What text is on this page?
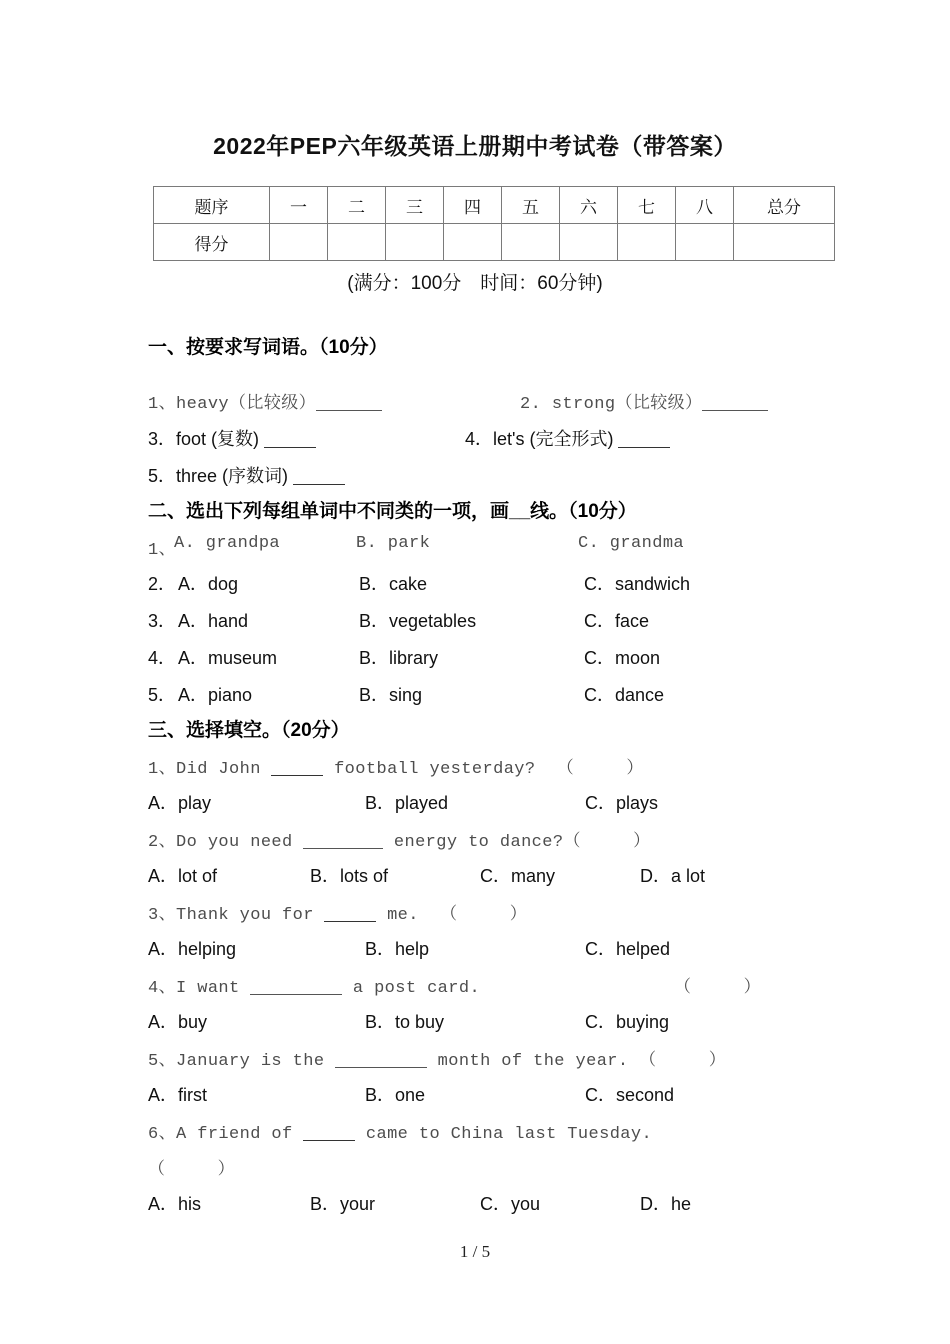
2022年PEP六年级英语上册期中考试卷（带答案）
题序	一	二	三	四	五	六	七	八	总分
得分									
(满分：100分　时间：60分钟)
一、按要求写词语。（10分）
1、heavy（比较级）	2. strong（比较级）
3．foot (复数)	4．let's (完全形式)
5．three (序数词)
二、选出下列每组单词中不同类的一项，画__线。（10分）
1、
A. grandpa	B. park	C. grandma

2． A．dog	B．cake	C．sandwich

3． A．hand	B．vegetables	C．face

4． A．museum	B．library	C．moon

5． A．piano	B．sing	C．dance

三、选择填空。（20分）
1、Did John	football yesterday? （　　　）
A．play	B．played	C．plays

2、Do you need	energy to dance?（　　　）
A．lot of	B．lots of	C．many	D．a lot

3、Thank you for	me. （　　　）
A．helping	B．help	C．helped

4、I want	a post card.	（　　　）
A．buy	B．to buy	C．buying

5、January is the	month of the year. （　　　）
A．first	B．one	C．second

6、A friend of	came to China last Tuesday.
（　　　）
A．his	B．your	C．you	D．he

1 / 5
